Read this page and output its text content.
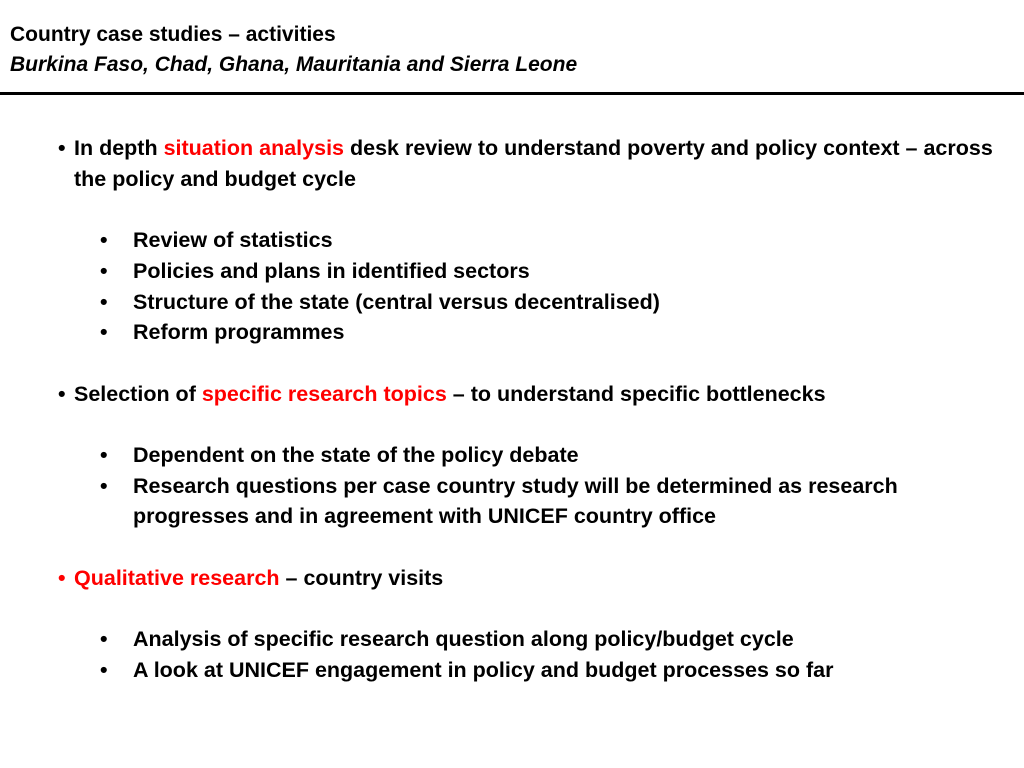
Country case studies – activities
Burkina Faso, Chad, Ghana, Mauritania and Sierra Leone
• In depth situation analysis desk review to understand poverty and policy context – across the policy and budget cycle
• Review of statistics
• Policies and plans in identified sectors
• Structure of the state (central versus decentralised)
• Reform programmes
• Selection of specific research topics – to understand specific bottlenecks
• Dependent on the state of the policy debate
• Research questions per case country study will be determined as research progresses and in agreement with UNICEF country office
• Qualitative research – country visits
• Analysis of specific research question along policy/budget cycle
• A look at UNICEF engagement in policy and budget processes so far
